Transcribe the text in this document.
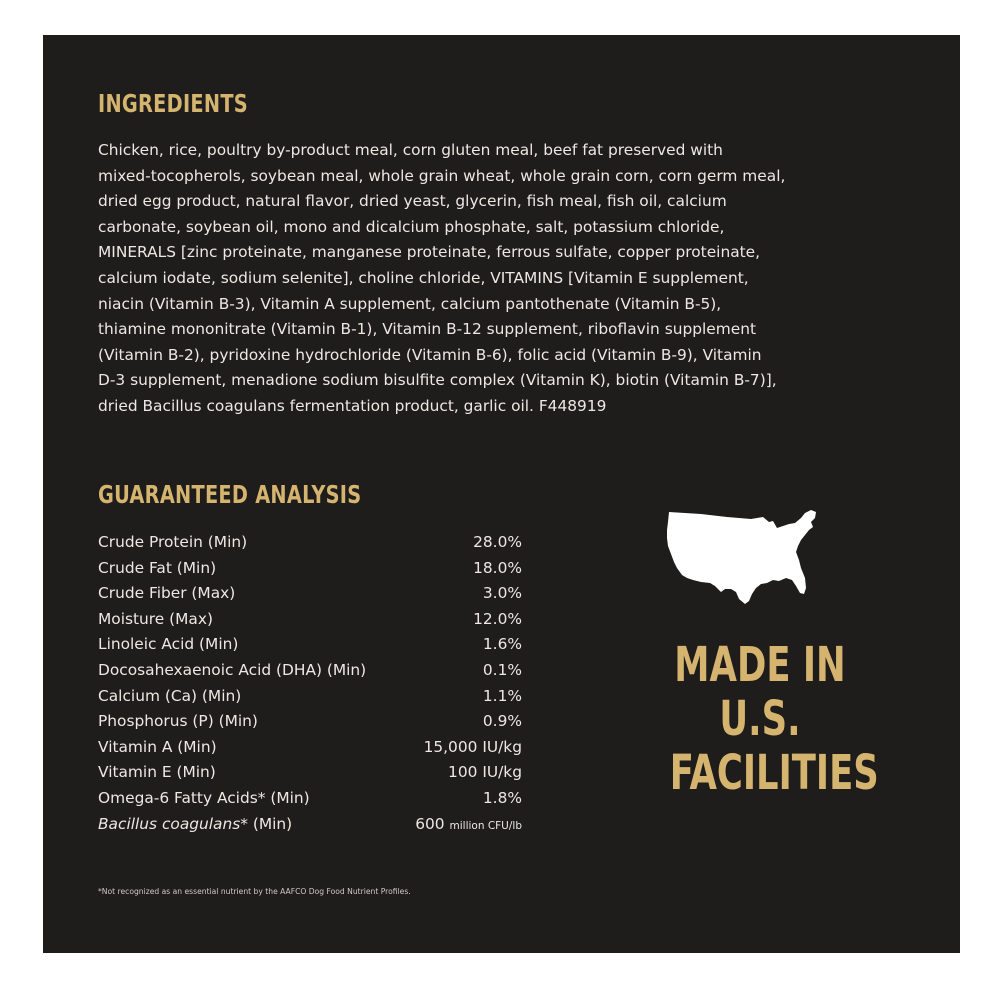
INGREDIENTS
Chicken, rice, poultry by-product meal, corn gluten meal, beef fat preserved with
mixed-tocopherols, soybean meal, whole grain wheat, whole grain corn, corn germ meal,
dried egg product, natural flavor, dried yeast, glycerin, fish meal, fish oil, calcium
carbonate, soybean oil, mono and dicalcium phosphate, salt, potassium chloride,
MINERALS [zinc proteinate, manganese proteinate, ferrous sulfate, copper proteinate,
calcium iodate, sodium selenite], choline chloride, VITAMINS [Vitamin E supplement,
niacin (Vitamin B-3), Vitamin A supplement, calcium pantothenate (Vitamin B-5),
thiamine mononitrate (Vitamin B-1), Vitamin B-12 supplement, riboflavin supplement
(Vitamin B-2), pyridoxine hydrochloride (Vitamin B-6), folic acid (Vitamin B-9), Vitamin
D-3 supplement, menadione sodium bisulfite complex (Vitamin K), biotin (Vitamin B-7)],
dried Bacillus coagulans fermentation product, garlic oil. F448919
GUARANTEED ANALYSIS
Crude Protein (Min)	28.0%
Crude Fat (Min)	18.0%
Crude Fiber (Max)	3.0%
Moisture (Max)	12.0%
Linoleic Acid (Min)	1.6%
Docosahexaenoic Acid (DHA) (Min)	0.1%
Calcium (Ca) (Min)	1.1%
Phosphorus (P) (Min)	0.9%
Vitamin A (Min)	15,000 IU/kg
Vitamin E (Min)	100 IU/kg
Omega-6 Fatty Acids* (Min)	1.8%
Bacillus coagulans* (Min)	600 million CFU/lb
*Not recognized as an essential nutrient by the AAFCO Dog Food Nutrient Profiles.
MADE IN
U.S.
FACILITIES
